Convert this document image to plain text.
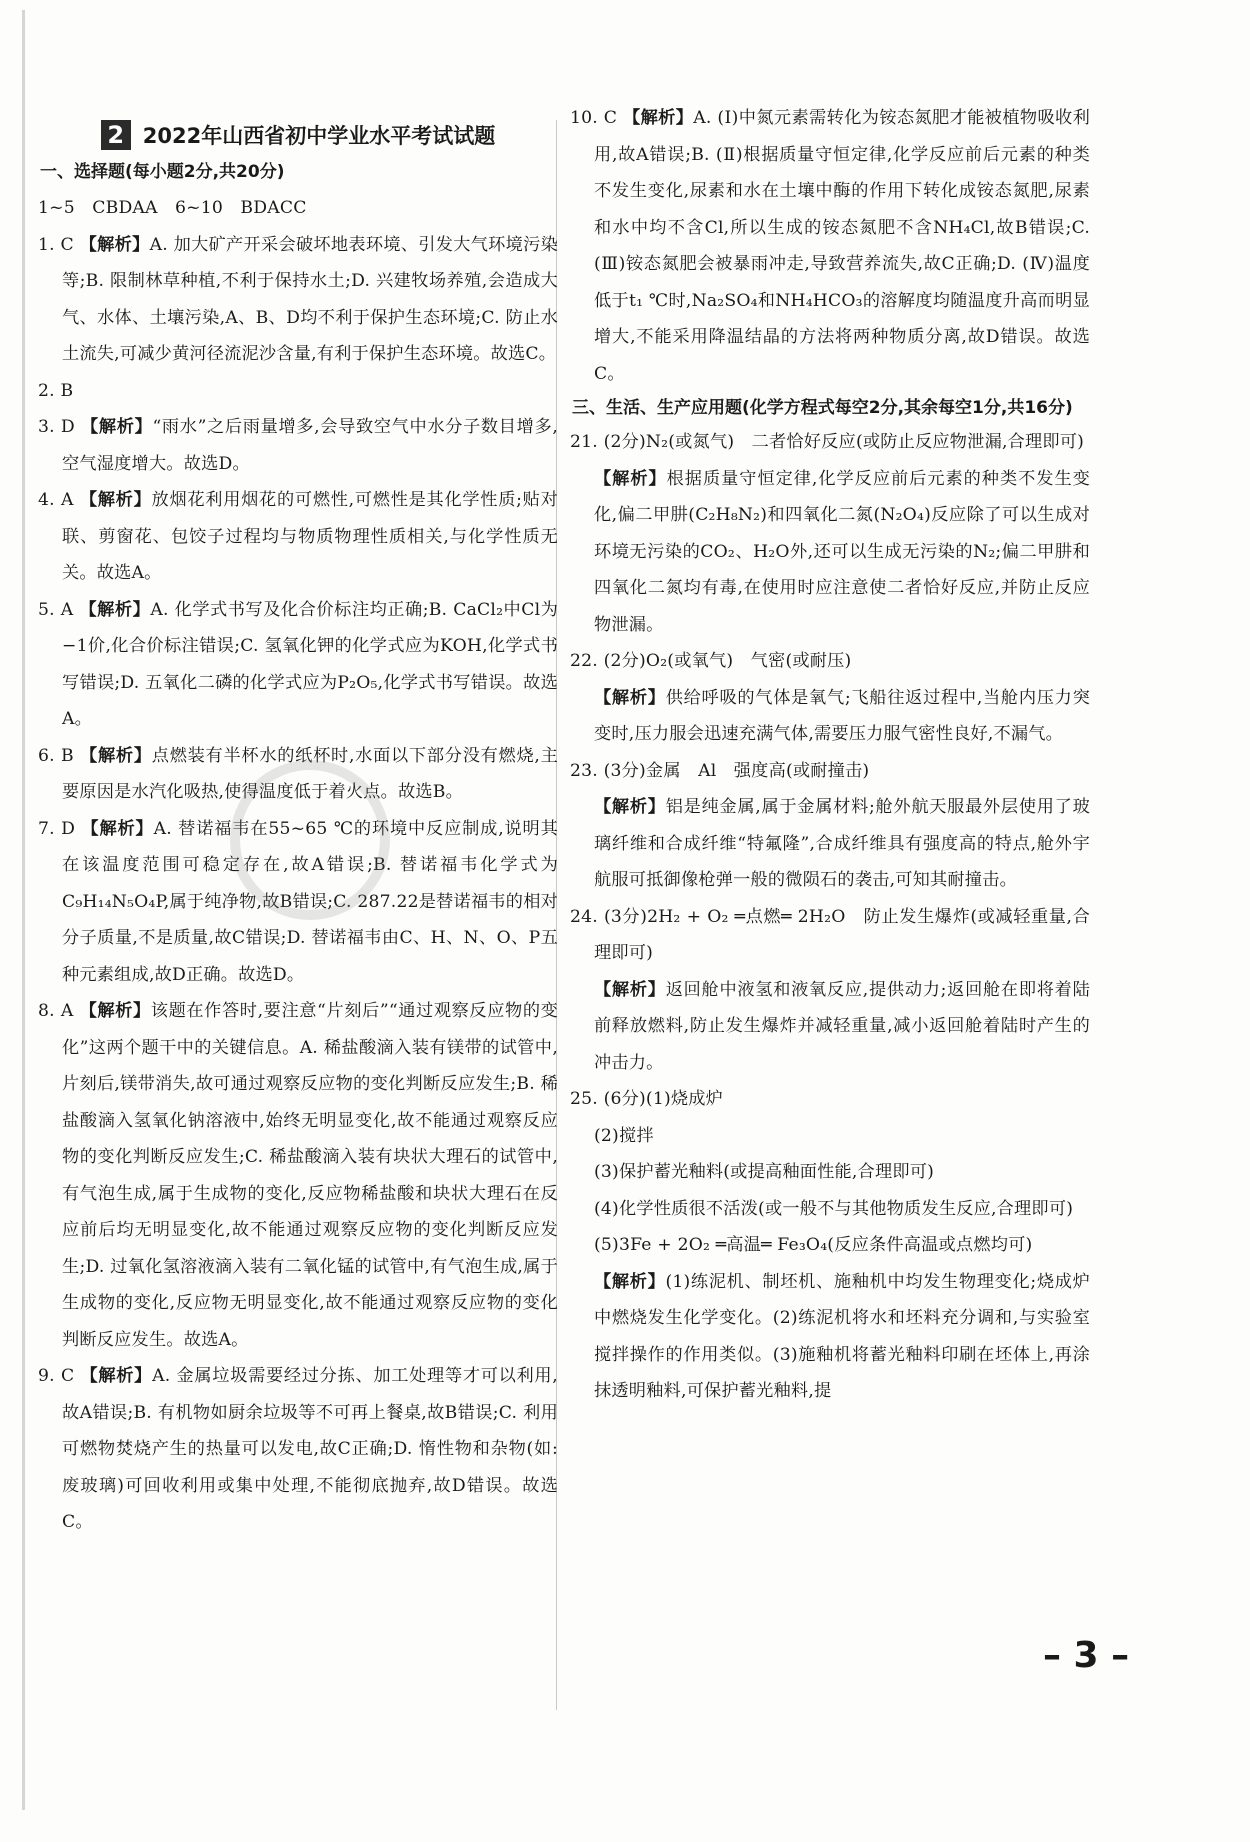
2 2022年山西省初中学业水平考试试题
一、选择题(每小题2分,共20分)

1~5　CBDAA　6~10　BDACC

1. C 【解析】A. 加大矿产开采会破坏地表环境、引发大气环境污染等;B. 限制林草种植,不利于保持水土;D. 兴建牧场养殖,会造成大气、水体、土壤污染,A、B、D均不利于保护生态环境;C. 防止水土流失,可减少黄河径流泥沙含量,有利于保护生态环境。故选C。

2. B

3. D 【解析】“雨水”之后雨量增多,会导致空气中水分子数目增多,空气湿度增大。故选D。

4. A 【解析】放烟花利用烟花的可燃性,可燃性是其化学性质;贴对联、剪窗花、包饺子过程均与物质物理性质相关,与化学性质无关。故选A。

5. A 【解析】A. 化学式书写及化合价标注均正确;B. CaCl₂中Cl为−1价,化合价标注错误;C. 氢氧化钾的化学式应为KOH,化学式书写错误;D. 五氧化二磷的化学式应为P₂O₅,化学式书写错误。故选A。

6. B 【解析】点燃装有半杯水的纸杯时,水面以下部分没有燃烧,主要原因是水汽化吸热,使得温度低于着火点。故选B。

7. D 【解析】A. 替诺福韦在55~65 ℃的环境中反应制成,说明其在该温度范围可稳定存在,故A错误;B. 替诺福韦化学式为C₉H₁₄N₅O₄P,属于纯净物,故B错误;C. 287.22是替诺福韦的相对分子质量,不是质量,故C错误;D. 替诺福韦由C、H、N、O、P五种元素组成,故D正确。故选D。

8. A 【解析】该题在作答时,要注意“片刻后”“通过观察反应物的变化”这两个题干中的关键信息。A. 稀盐酸滴入装有镁带的试管中,片刻后,镁带消失,故可通过观察反应物的变化判断反应发生;B. 稀盐酸滴入氢氧化钠溶液中,始终无明显变化,故不能通过观察反应物的变化判断反应发生;C. 稀盐酸滴入装有块状大理石的试管中,有气泡生成,属于生成物的变化,反应物稀盐酸和块状大理石在反应前后均无明显变化,故不能通过观察反应物的变化判断反应发生;D. 过氧化氢溶液滴入装有二氧化锰的试管中,有气泡生成,属于生成物的变化,反应物无明显变化,故不能通过观察反应物的变化判断反应发生。故选A。

9. C 【解析】A. 金属垃圾需要经过分拣、加工处理等才可以利用,故A错误;B. 有机物如厨余垃圾等不可再上餐桌,故B错误;C. 利用可燃物焚烧产生的热量可以发电,故C正确;D. 惰性物和杂物(如:废玻璃)可回收利用或集中处理,不能彻底抛弃,故D错误。故选C。

10. C 【解析】A. (Ⅰ)中氮元素需转化为铵态氮肥才能被植物吸收利用,故A错误;B. (Ⅱ)根据质量守恒定律,化学反应前后元素的种类不发生变化,尿素和水在土壤中酶的作用下转化成铵态氮肥,尿素和水中均不含Cl,所以生成的铵态氮肥不含NH₄Cl,故B错误;C. (Ⅲ)铵态氮肥会被暴雨冲走,导致营养流失,故C正确;D. (Ⅳ)温度低于t₁ ℃时,Na₂SO₄和NH₄HCO₃的溶解度均随温度升高而明显增大,不能采用降温结晶的方法将两种物质分离,故D错误。故选C。

三、生活、生产应用题(化学方程式每空2分,其余每空1分,共16分)

21. (2分)N₂(或氮气)　二者恰好反应(或防止反应物泄漏,合理即可)

【解析】根据质量守恒定律,化学反应前后元素的种类不发生变化,偏二甲肼(C₂H₈N₂)和四氧化二氮(N₂O₄)反应除了可以生成对环境无污染的CO₂、H₂O外,还可以生成无污染的N₂;偏二甲肼和四氧化二氮均有毒,在使用时应注意使二者恰好反应,并防止反应物泄漏。

22. (2分)O₂(或氧气)　气密(或耐压)

【解析】供给呼吸的气体是氧气;飞船往返过程中,当舱内压力突变时,压力服会迅速充满气体,需要压力服气密性良好,不漏气。

23. (3分)金属　Al　强度高(或耐撞击)

【解析】铝是纯金属,属于金属材料;舱外航天服最外层使用了玻璃纤维和合成纤维“特氟隆”,合成纤维具有强度高的特点,舱外宇航服可抵御像枪弹一般的微陨石的袭击,可知其耐撞击。

24. (3分)2H₂ + O₂ ═点燃═ 2H₂O　防止发生爆炸(或减轻重量,合理即可)

【解析】返回舱中液氢和液氧反应,提供动力;返回舱在即将着陆前释放燃料,防止发生爆炸并减轻重量,减小返回舱着陆时产生的冲击力。

25. (6分)(1)烧成炉

(2)搅拌

(3)保护蓄光釉料(或提高釉面性能,合理即可)

(4)化学性质很不活泼(或一般不与其他物质发生反应,合理即可)

(5)3Fe + 2O₂ ═高温═ Fe₃O₄(反应条件高温或点燃均可)

【解析】(1)练泥机、制坯机、施釉机中均发生物理变化;烧成炉中燃烧发生化学变化。(2)练泥机将水和坯料充分调和,与实验室搅拌操作的作用类似。(3)施釉机将蓄光釉料印刷在坯体上,再涂抹透明釉料,可保护蓄光釉料,提

– 3 –
